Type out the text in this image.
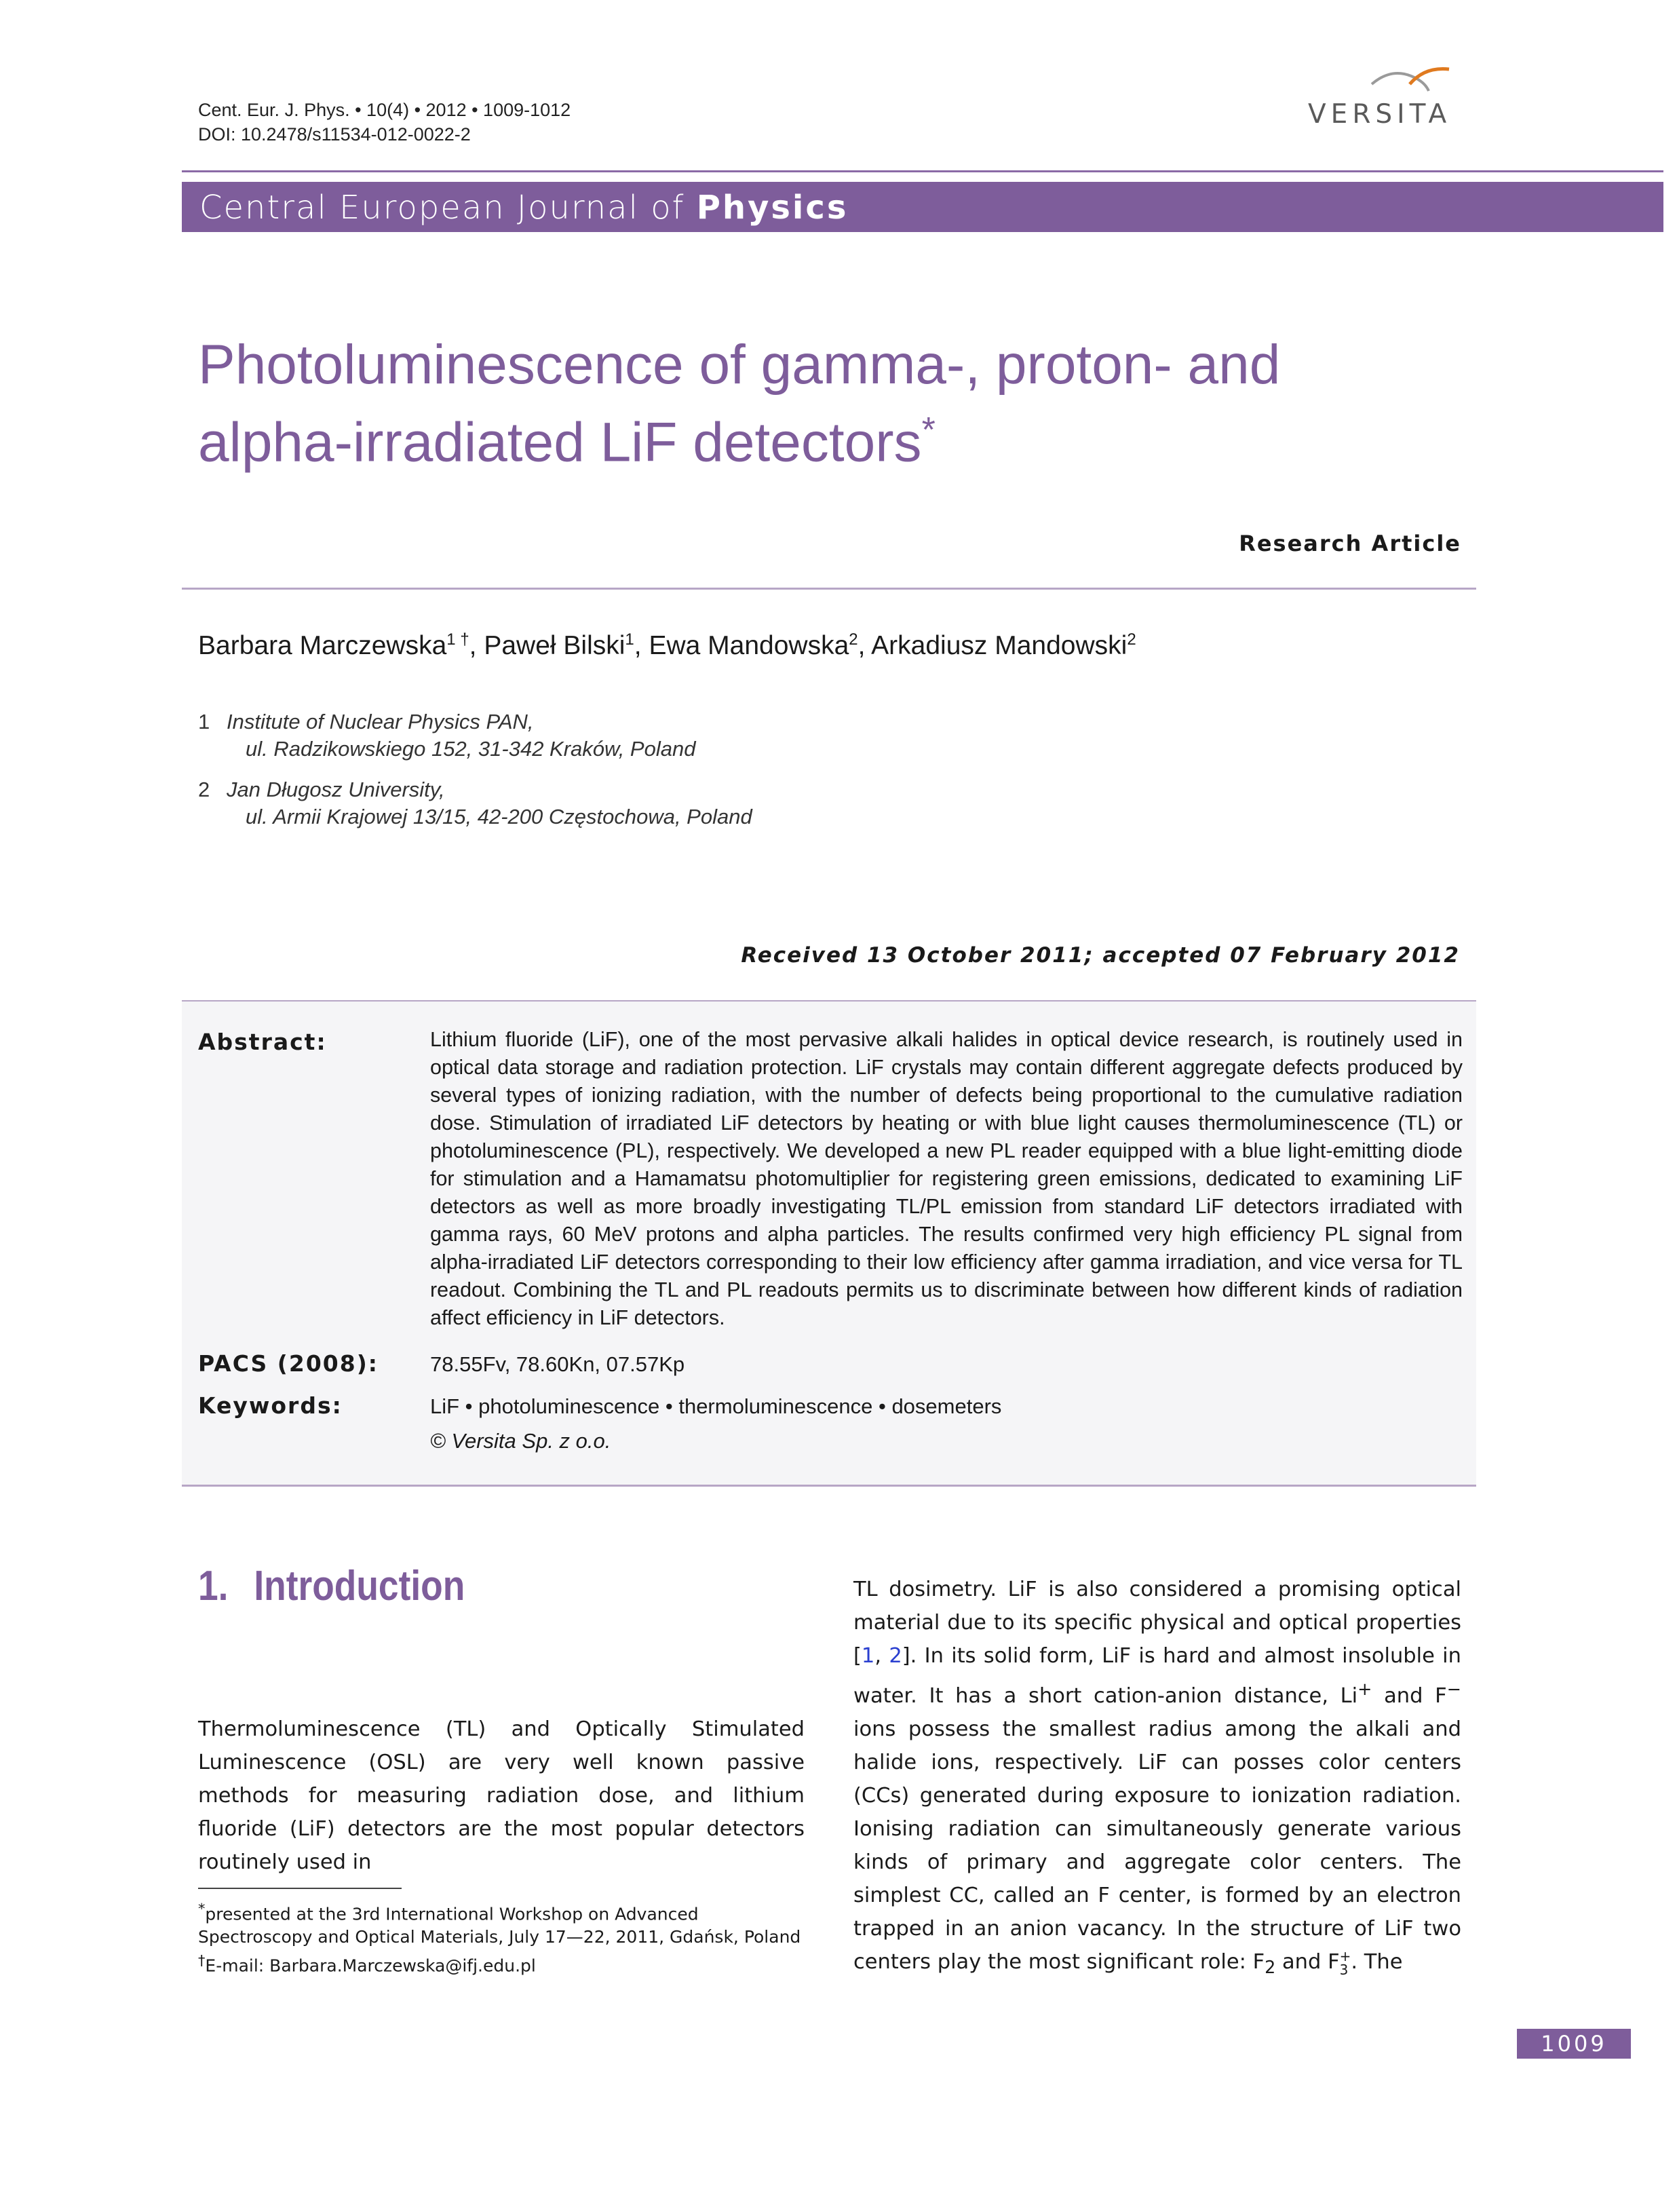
Cent. Eur. J. Phys. • 10(4) • 2012 • 1009-1012
DOI: 10.2478/s11534-012-0022-2
VERSITA
Central European Journal of Physics
Photoluminescence of gamma-, proton- and
alpha-irradiated LiF detectors*
Research Article
Barbara Marczewska$^{1 \dagger}$, Paweł Bilski$^1$, Ewa Mandowska$^2$, Arkadiusz Mandowski$^2$
1 Institute of Nuclear Physics PAN,
ul. Radzikowskiego 152, 31-342 Kraków, Poland
2 Jan Długosz University,
ul. Armii Krajowej 13/15, 42-200 Częstochowa, Poland
Received 13 October 2011; accepted 07 February 2012
Abstract:	Lithium fluoride (LiF), one of the most pervasive alkali halides in optical device research, is routinely used in optical data storage and radiation protection. LiF crystals may contain different aggregate defects produced by several types of ionizing radiation, with the number of defects being proportional to the cumulative radiation dose. Stimulation of irradiated LiF detectors by heating or with blue light causes thermoluminescence (TL) or photoluminescence (PL), respectively. We developed a new PL reader equipped with a blue light-emitting diode for stimulation and a Hamamatsu photomultiplier for registering green emissions, dedicated to examining LiF detectors as well as more broadly investigating TL/PL emission from standard LiF detectors irradiated with gamma rays, 60 MeV protons and alpha particles. The results confirmed very high efficiency PL signal from alpha-irradiated LiF detectors corresponding to their low efficiency after gamma irradiation, and vice versa for TL readout. Combining the TL and PL readouts permits us to discriminate between how different kinds of radiation affect efficiency in LiF detectors.
PACS (2008): 78.55Fv, 78.60Kn, 07.57Kp
Keywords:	LiF • photoluminescence • thermoluminescence • dosemeters
© Versita Sp. z o.o.
1. Introduction
Thermoluminescence (TL) and Optically Stimulated Luminescence (OSL) are very well known passive methods for measuring radiation dose, and lithium fluoride (LiF) detectors are the most popular detectors routinely used in
*presented at the 3rd International Workshop on Advanced Spectroscopy and Optical Materials, July 17—22, 2011, Gdańsk, Poland
†E-mail: Barbara.Marczewska@ifj.edu.pl
TL dosimetry. LiF is also considered a promising optical material due to its specific physical and optical properties [1, 2]. In its solid form, LiF is hard and almost insoluble in water. It has a short cation-anion distance, Li+ and F− ions possess the smallest radius among the alkali and halide ions, respectively. LiF can posses color centers (CCs) generated during exposure to ionization radiation. Ionising radiation can simultaneously generate various kinds of primary and aggregate color centers. The simplest CC, called an F center, is formed by an electron trapped in an anion vacancy. In the structure of LiF two centers play the most significant role: $F_2$ and F +
3 . The
1009
